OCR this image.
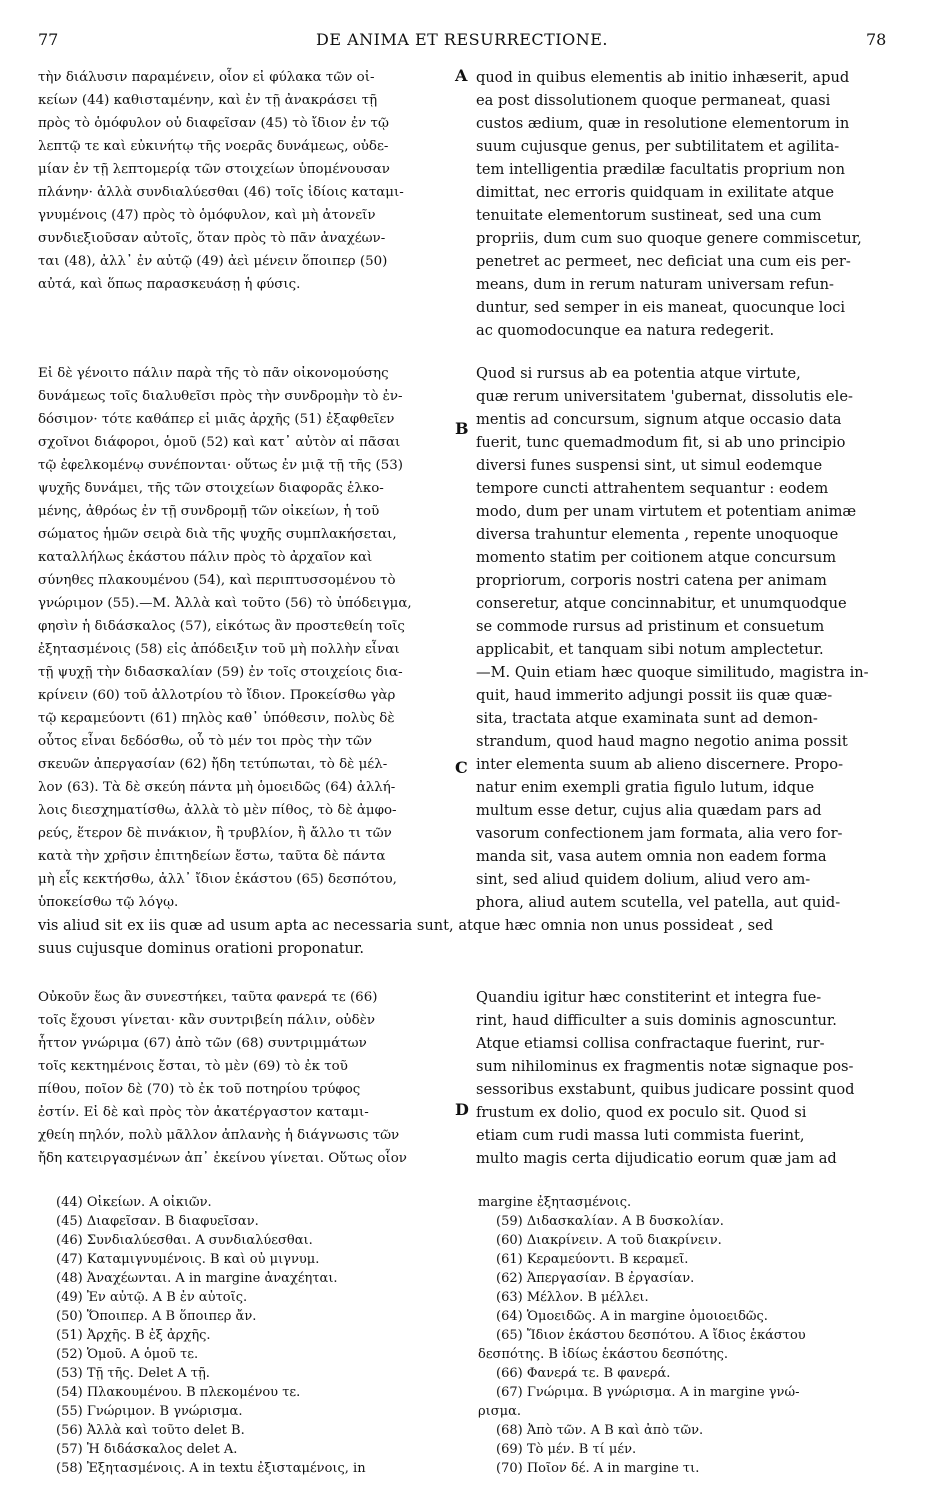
77	DE ANIMA ET RESURRECTIONE.	78
A
B
C
D
τὴν διάλυσιν παραμένειν, οἷον εἰ φύλακα τῶν οἰ-
κείων (44) καθισταμένην, καὶ ἐν τῇ ἀνακράσει τῇ
πρὸς τὸ ὁμόφυλον οὐ διαφεῖσαν (45) τὸ ἴδιον ἐν τῷ
λεπτῷ τε καὶ εὐκινήτῳ τῆς νοερᾶς δυνάμεως, οὐδε-
μίαν ἐν τῇ λεπτομερίᾳ τῶν στοιχείων ὑπομένουσαν
πλάνην· ἀλλὰ συνδιαλύεσθαι (46) τοῖς ἰδίοις καταμι-
γνυμένοις (47) πρὸς τὸ ὁμόφυλον, καὶ μὴ ἀτονεῖν
συνδιεξιοῦσαν αὐτοῖς, ὅταν πρὸς τὸ πᾶν ἀναχέων-
ται (48), ἀλλ᾽ ἐν αὐτῷ (49) ἀεὶ μένειν ὅποιπερ (50)
αὐτά, καὶ ὅπως παρασκευάσῃ ἡ φύσις.
quod in quibus elementis ab initio inhæserit, apud
ea post dissolutionem quoque permaneat, quasi
custos ædium, quæ in resolutione elementorum in
suum cujusque genus, per subtilitatem et agilita-
tem intelligentia prædilæ facultatis proprium non
dimittat, nec erroris quidquam in exilitate atque
tenuitate elementorum sustineat, sed una cum
propriis, dum cum suo quoque genere commiscetur,
penetret ac permeet, nec deficiat una cum eis per-
means, dum in rerum naturam universam refun-
duntur, sed semper in eis maneat, quocunque loci
ac quomodocunque ea natura redegerit.
Εἰ δὲ γένοιτο πάλιν παρὰ τῆς τὸ πᾶν οἰκονομούσης
δυνάμεως τοῖς διαλυθεῖσι πρὸς τὴν συνδρομὴν τὸ ἐν-
δόσιμον· τότε καθάπερ εἰ μιᾶς ἀρχῆς (51) ἐξαφθεῖεν
σχοῖνοι διάφοροι, ὁμοῦ (52) καὶ κατ᾽ αὐτὸν αἱ πᾶσαι
τῷ ἐφελκομένῳ συνέπονται· οὕτως ἐν μιᾷ τῇ τῆς (53)
ψυχῆς δυνάμει, τῆς τῶν στοιχείων διαφορᾶς ἑλκο-
μένης, ἀθρόως ἐν τῇ συνδρομῇ τῶν οἰκείων, ἡ τοῦ
σώματος ἡμῶν σειρὰ διὰ τῆς ψυχῆς συμπλακήσεται,
καταλλήλως ἑκάστου πάλιν πρὸς τὸ ἀρχαῖον καὶ
σύνηθες πλακουμένου (54), καὶ περιπτυσσομένου τὸ
γνώριμον (55).—Μ. Ἀλλὰ καὶ τοῦτο (56) τὸ ὑπόδειγμα,
φησὶν ἡ διδάσκαλος (57), εἰκότως ἂν προστεθείη τοῖς
ἐξητασμένοις (58) εἰς ἀπόδειξιν τοῦ μὴ πολλὴν εἶναι
τῇ ψυχῇ τὴν διδασκαλίαν (59) ἐν τοῖς στοιχείοις δια-
κρίνειν (60) τοῦ ἀλλοτρίου τὸ ἴδιον. Προκείσθω γὰρ
τῷ κεραμεύοντι (61) πηλὸς καθ᾽ ὑπόθεσιν, πολὺς δὲ
οὗτος εἶναι δεδόσθω, οὗ τὸ μέν τοι πρὸς τὴν τῶν
σκευῶν ἀπεργασίαν (62) ἤδη τετύπωται, τὸ δὲ μέλ-
λον (63). Τὰ δὲ σκεύη πάντα μὴ ὁμοειδῶς (64) ἀλλή-
λοις διεσχηματίσθω, ἀλλὰ τὸ μὲν πίθος, τὸ δὲ ἀμφο-
ρεύς, ἕτερον δὲ πινάκιον, ἢ τρυβλίον, ἢ ἄλλο τι τῶν
κατὰ τὴν χρῆσιν ἐπιτηδείων ἔστω, ταῦτα δὲ πάντα
μὴ εἷς κεκτήσθω, ἀλλ᾽ ἴδιον ἑκάστου (65) δεσπότου,
ὑποκείσθω τῷ λόγῳ.
Quod si rursus ab ea potentia atque virtute,
quæ rerum universitatem 'gubernat, dissolutis ele-
mentis ad concursum, signum atque occasio data
fuerit, tunc quemadmodum fit, si ab uno principio
diversi funes suspensi sint, ut simul eodemque
tempore cuncti attrahentem sequantur : eodem
modo, dum per unam virtutem et potentiam animæ
diversa trahuntur elementa , repente unoquoque
momento statim per coitionem atque concursum
propriorum, corporis nostri catena per animam
conseretur, atque concinnabitur, et unumquodque
se commode rursus ad pristinum et consuetum
applicabit, et tanquam sibi notum amplectetur.
—M. Quin etiam hæc quoque similitudo, magistra in-
quit, haud immerito adjungi possit iis quæ quæ-
sita, tractata atque examinata sunt ad demon-
strandum, quod haud magno negotio anima possit
inter elementa suum ab alieno discernere. Propo-
natur enim exempli gratia figulo lutum, idque
multum esse detur, cujus alia quædam pars ad
vasorum confectionem jam formata, alia vero for-
manda sit, vasa autem omnia non eadem forma
sint, sed aliud quidem dolium, aliud vero am-
phora, aliud autem scutella, vel patella, aut quid-
vis aliud sit ex iis quæ ad usum apta ac necessaria sunt, atque hæc omnia non unus possideat , sed
suus cujusque dominus orationi proponatur.
Οὐκοῦν ἕως ἂν συνεστήκει, ταῦτα φανερά τε (66)
τοῖς ἔχουσι γίνεται· κἂν συντριβείη πάλιν, οὐδὲν
ἧττον γνώριμα (67) ἀπὸ τῶν (68) συντριμμάτων
τοῖς κεκτημένοις ἔσται, τὸ μὲν (69) τὸ ἐκ τοῦ
πίθου, ποῖον δὲ (70) τὸ ἐκ τοῦ ποτηρίου τρύφος
ἐστίν. Εἰ δὲ καὶ πρὸς τὸν ἀκατέργαστον καταμι-
χθείη πηλόν, πολὺ μᾶλλον ἀπλανὴς ἡ διάγνωσις τῶν
ἤδη κατειργασμένων ἀπ᾽ ἐκείνου γίνεται. Οὕτως οἷον
Quandiu igitur hæc constiterint et integra fue-
rint, haud difficulter a suis dominis agnoscuntur.
Atque etiamsi collisa confractaque fuerint, rur-
sum nihilominus ex fragmentis notæ signaque pos-
sessoribus exstabunt, quibus judicare possint quod
frustum ex dolio, quod ex poculo sit. Quod si
etiam cum rudi massa luti commista fuerint,
multo magis certa dijudicatio eorum quæ jam ad
(44) Οἰκείων. A οἰκιῶν.
(45) Διαφεῖσαν. B διαφυεῖσαν.
(46) Συνδιαλύεσθαι. A συνδιαλύεσθαι.
(47) Καταμιγνυμένοις. B καὶ οὐ μιγνυμ.
(48) Ἀναχέωνται. A in margine ἀναχέηται.
(49) Ἐν αὐτῷ. A B ἐν αὐτοῖς.
(50) Ὅποιπερ. A B ὅποιπερ ἄν.
(51) Ἀρχῆς. B ἐξ ἀρχῆς.
(52) Ὁμοῦ. A ὁμοῦ τε.
(53) Τῇ τῆς. Delet A τῇ.
(54) Πλακουμένου. B πλεκομένου τε.
(55) Γνώριμον. B γνώρισμα.
(56) Ἀλλὰ καὶ τοῦτο delet B.
(57) Ἡ διδάσκαλος delet A.
(58) Ἐξητασμένοις. A in textu ἐξισταμένοις, in
margine ἐξητασμένοις.
(59) Διδασκαλίαν. A B δυσκολίαν.
(60) Διακρίνειν. A τοῦ διακρίνειν.
(61) Κεραμεύοντι. B κεραμεῖ.
(62) Ἀπεργασίαν. B ἐργασίαν.
(63) Μέλλον. B μέλλει.
(64) Ὁμοειδῶς. A in margine ὁμοιοειδῶς.
(65) Ἴδιον ἑκάστου δεσπότου. A ἴδιος ἑκάστου
δεσπότης. B ἰδίως ἑκάστου δεσπότης.
(66) Φανερά τε. B φανερά.
(67) Γνώριμα. B γνώρισμα. A in margine γνώ-
ρισμα.
(68) Ἀπὸ τῶν. A B καὶ ἀπὸ τῶν.
(69) Τὸ μέν. B τί μέν.
(70) Ποῖον δέ. A in margine τι.
